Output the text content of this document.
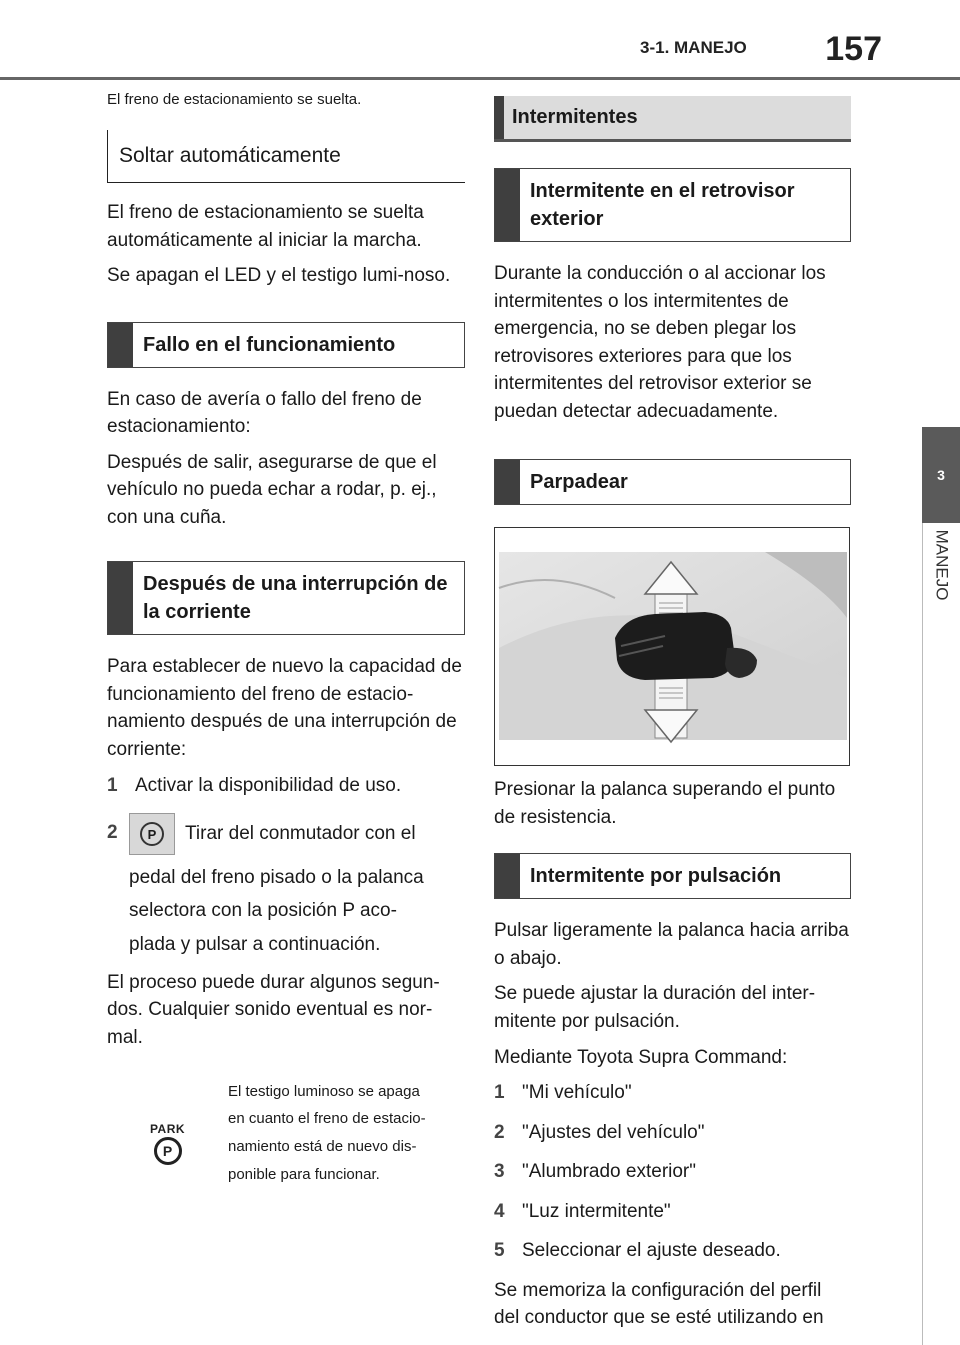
3-1. MANEJO 157
3
MANEJO
El freno de estacionamiento se suelta.
Soltar automáticamente

El freno de estacionamiento se suelta automáticamente al iniciar la marcha.

Se apagan el LED y el testigo lumi-noso.

Fallo en el funcionamiento

En caso de avería o fallo del freno de estacionamiento:

Después de salir, asegurarse de que el vehículo no pueda echar a rodar, p. ej., con una cuña.

Después de una interrupción de la corriente

Para establecer de nuevo la capacidad de funcionamiento del freno de estacio-namiento después de una interrupción de corriente:

1 Activar la disponibilidad de uso.
2	P	Tirar del conmutador con el
pedal del freno pisado o la palanca
selectora con la posición P aco-
plada y pulsar a continuación.

El proceso puede durar algunos segun-dos. Cualquier sonido eventual es nor-mal.

PARK
P
El testigo luminoso se apaga
en cuanto el freno de estacio-
namiento está de nuevo dis-
ponible para funcionar.
Intermitentes
Intermitente en el retrovisor exterior

Durante la conducción o al accionar los intermitentes o los intermitentes de emergencia, no se deben plegar los retrovisores exteriores para que los intermitentes del retrovisor exterior se puedan detectar adecuadamente.

Parpadear

Presionar la palanca superando el punto de resistencia.

Intermitente por pulsación

Pulsar ligeramente la palanca hacia arriba o abajo.

Se puede ajustar la duración del inter-mitente por pulsación.

Mediante Toyota Supra Command:

1 "Mi vehículo"
2 "Ajustes del vehículo"
3 "Alumbrado exterior"
4 "Luz intermitente"
5 Seleccionar el ajuste deseado.

Se memoriza la configuración del perfil del conductor que se esté utilizando en
